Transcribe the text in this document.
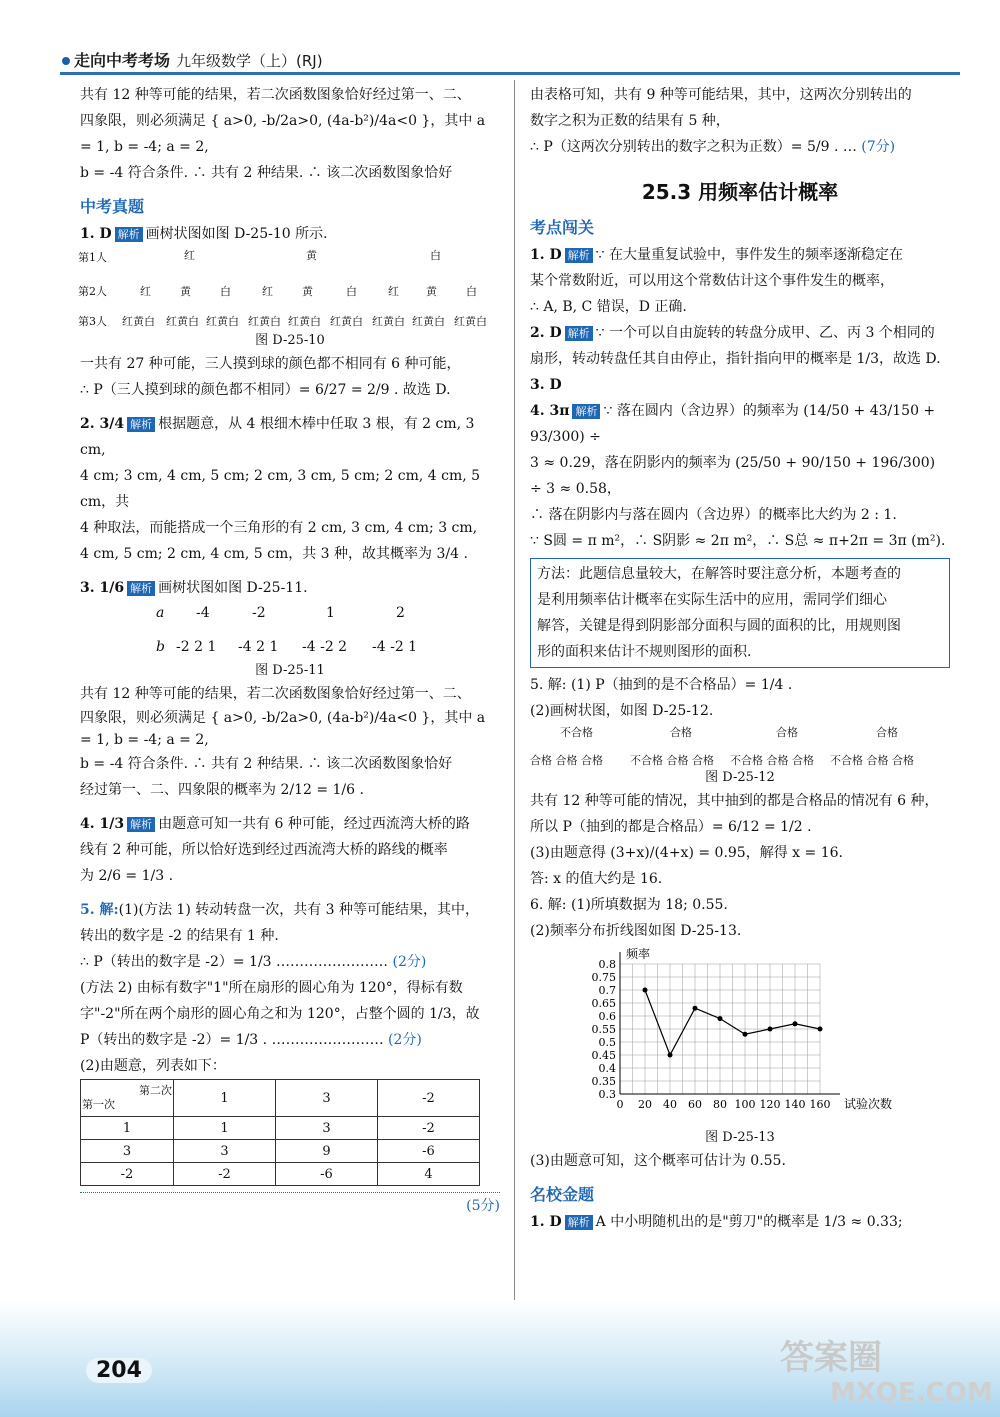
走向中考考场 九年级数学（上）(RJ)

共有 12 种等可能的结果，若二次函数图象恰好经过第一、二、

四象限，则必须满足 { a>0, -b/2a>0, (4a-b²)/4a<0 }，其中 a = 1, b = -4; a = 2,

b = -4 符合条件. ∴ 共有 2 种结果. ∴ 该二次函数图象恰好

中考真题

1. D 解析 画树状图如图 D-25-10 所示.

第1人
第2人
第3人
红	黄	白
红	黄	白	红	黄	白	红 黄	白
红黄白 红黄白 红黄白 红黄白 红黄白 红黄白 红黄白 红黄白 红黄白
图 D-25-10

一共有 27 种可能，三人摸到球的颜色都不相同有 6 种可能，

∴ P（三人摸到球的颜色都不相同）= 6/27 = 2/9 . 故选 D.

2. 3/4 解析 根据题意，从 4 根细木棒中任取 3 根，有 2 cm, 3 cm,

4 cm; 3 cm, 4 cm, 5 cm; 2 cm, 3 cm, 5 cm; 2 cm, 4 cm, 5 cm，共

4 种取法，而能搭成一个三角形的有 2 cm, 3 cm, 4 cm; 3 cm,

4 cm, 5 cm; 2 cm, 4 cm, 5 cm，共 3 种，故其概率为 3/4 .

3. 1/6 解析 画树状图如图 D-25-11.

a
b
-4	-2	1	2
-2 2 1 -4 2 1 -4 -2 2 -4 -2 1
图 D-25-11

共有 12 种等可能的结果，若二次函数图象恰好经过第一、二、

四象限，则必须满足 { a>0, -b/2a>0, (4a-b²)/4a<0 }，其中 a = 1, b = -4; a = 2,

b = -4 符合条件. ∴ 共有 2 种结果. ∴ 该二次函数图象恰好

经过第一、二、四象限的概率为 2/12 = 1/6 .

4. 1/3 解析 由题意可知一共有 6 种可能，经过西流湾大桥的路

线有 2 种可能，所以恰好选到经过西流湾大桥的路线的概率

为 2/6 = 1/3 .

5. 解:(1)(方法 1) 转动转盘一次，共有 3 种等可能结果，其中，

转出的数字是 -2 的结果有 1 种.

∴ P（转出的数字是 -2）= 1/3 …………………… (2分)

(方法 2) 由标有数字"1"所在扇形的圆心角为 120°，得标有数

字"-2"所在两个扇形的圆心角之和为 120°，占整个圆的 1/3，故

P（转出的数字是 -2）= 1/3 . …………………… (2分)

(2)由题意，列表如下：

第二次
第一次	1	3	-2
1	1	3	-2
3	3	9	-6
-2	-2	-6	4

(5分)

由表格可知，共有 9 种等可能结果，其中，这两次分别转出的

数字之积为正数的结果有 5 种，

∴ P（这两次分别转出的数字之积为正数）= 5/9 . … (7分)

25.3 用频率估计概率
考点闯关

1. D 解析 ∵ 在大量重复试验中，事件发生的频率逐渐稳定在

某个常数附近，可以用这个常数估计这个事件发生的概率，

∴ A, B, C 错误，D 正确.

2. D 解析 ∵ 一个可以自由旋转的转盘分成甲、乙、丙 3 个相同的

扇形，转动转盘任其自由停止，指针指向甲的概率是 1/3，故选 D.

3. D

4. 3π 解析 ∵ 落在圆内（含边界）的频率为 (14/50 + 43/150 + 93/300) ÷

3 ≈ 0.29，落在阴影内的频率为 (25/50 + 90/150 + 196/300) ÷ 3 ≈ 0.58，

∴ 落在阴影内与落在圆内（含边界）的概率比大约为 2 : 1.

∵ S圆 = π m²，∴ S阴影 ≈ 2π m²，∴ S总 ≈ π+2π = 3π (m²).

方法：此题信息量较大，在解答时要注意分析，本题考查的

是利用频率估计概率在实际生活中的应用，需同学们细心

解答，关键是得到阴影部分面积与圆的面积的比，用规则图

形的面积来估计不规则图形的面积.

5. 解: (1) P（抽到的是不合格品）= 1/4 .

(2)画树状图，如图 D-25-12.

不合格	合格	合格	合格
合格 合格 合格 不合格 合格 合格 不合格 合格 合格 不合格 合格 合格
图 D-25-12

共有 12 种等可能的情况，其中抽到的都是合格品的情况有 6 种，

所以 P（抽到的都是合格品）= 6/12 = 1/2 .

(3)由题意得 (3+x)/(4+x) = 0.95，解得 x = 16.

答: x 的值大约是 16.

6. 解: (1)所填数据为 18; 0.55.

(2)频率分布折线图如图 D-25-13.

0.3
0.35
0.4
0.45
0.5
0.55
0.6
0.65
0.7
0.75
0.8
0 20 40 60 80 100 120 140 160
频率
试验次数
图 D-25-13

(3)由题意可知，这个概率可估计为 0.55.

名校金题

1. D 解析 A 中小明随机出的是"剪刀"的概率是 1/3 ≈ 0.33;

204	答案圈
MXQE.COM
